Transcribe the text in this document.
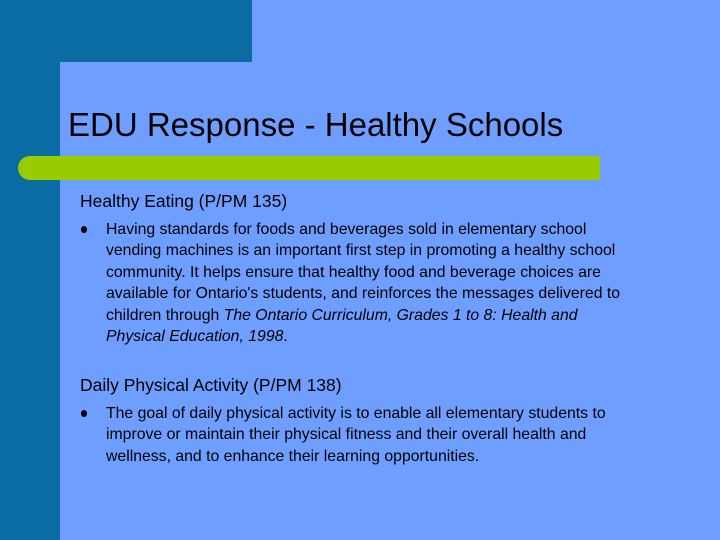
EDU Response - Healthy Schools
Healthy Eating (P/PM 135)
Having standards for foods and beverages sold in elementary school vending machines is an important first step in promoting a healthy school community. It helps ensure that healthy food and beverage choices are available for Ontario's students, and reinforces the messages delivered to children through The Ontario Curriculum, Grades 1 to 8: Health and Physical Education, 1998.
Daily Physical Activity (P/PM 138)
The goal of daily physical activity is to enable all elementary students to improve or maintain their physical fitness and their overall health and wellness, and to enhance their learning opportunities.
8
